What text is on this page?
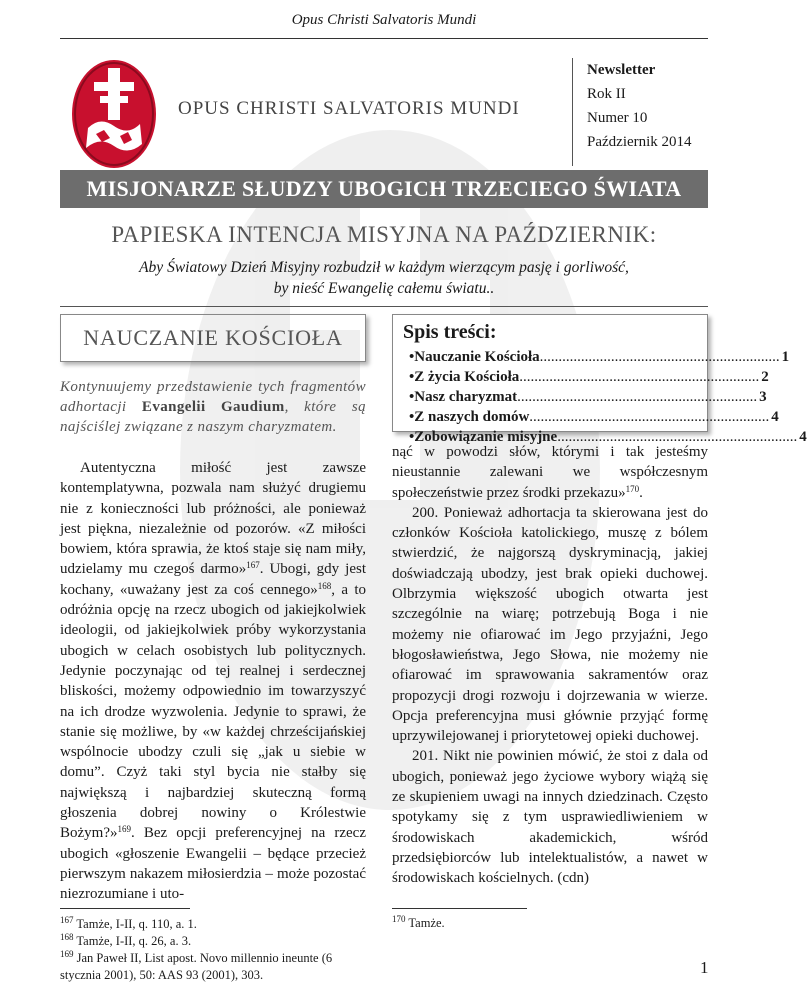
Opus Christi Salvatoris Mundi
OPUS CHRISTI SALVATORIS MUNDI
Newsletter
Rok II
Numer 10
Październik 2014
MISJONARZE SŁUDZY UBOGICH TRZECIEGO ŚWIATA
PAPIESKA INTENCJA MISYJNA NA PAŹDZIERNIK:
Aby Światowy Dzień Misyjny rozbudził w każdym wierzącym pasję i gorliwość,
by nieść Ewangelię całemu światu..
NAUCZANIE KOŚCIOŁA
Kontynuujemy przedstawienie tych fragmentów adhortacji Evangelii Gaudium, które są najściślej związane z naszym charyzmatem.

Autentyczna miłość jest zawsze kontemplatywna, pozwala nam służyć drugiemu nie z konieczności lub próżności, ale ponieważ jest piękna, niezależnie od pozorów. «Z miłości bowiem, która sprawia, że ktoś staje się nam miły, udzielamy mu czegoś darmo»$^{167}$. Ubogi, gdy jest kochany, «uważany jest za coś cennego»$^{168}$, a to odróżnia opcję na rzecz ubogich od jakiejkolwiek ideologii, od jakiejkolwiek próby wykorzystania ubogich w celach osobistych lub politycznych. Jedynie poczynając od tej realnej i serdecznej bliskości, możemy odpowiednio im towarzyszyć na ich drodze wyzwolenia. Jedynie to sprawi, że stanie się możliwe, by «w każdej chrześcijańskiej wspólnocie ubodzy czuli się „jak u siebie w domu”. Czyż taki styl bycia nie stałby się największą i najbardziej skuteczną formą głoszenia dobrej nowiny o Królestwie Bożym?»$^{169}$. Bez opcji preferencyjnej na rzecz ubogich «głoszenie Ewangelii – będące przecież pierwszym nakazem miłosierdzia – może pozostać niezrozumiane i uto-

nąć w powodzi słów, którymi i tak jesteśmy nieustannie zalewani we współczesnym społeczeństwie przez środki przekazu»$^{170}$.

200. Ponieważ adhortacja ta skierowana jest do członków Kościoła katolickiego, muszę z bólem stwierdzić, że najgorszą dyskryminacją, jakiej doświadczają ubodzy, jest brak opieki duchowej. Olbrzymia większość ubogich otwarta jest szczególnie na wiarę; potrzebują Boga i nie możemy nie ofiarować im Jego przyjaźni, Jego błogosławieństwa, Jego Słowa, nie możemy nie ofiarować im sprawowania sakramentów oraz propozycji drogi rozwoju i dojrzewania w wierze. Opcja preferencyjna musi głównie przyjąć formę uprzywilejowanej i priorytetowej opieki duchowej.

201. Nikt nie powinien mówić, że stoi z dala od ubogich, ponieważ jego życiowe wybory wiążą się ze skupieniem uwagi na innych dziedzinach. Często spotykamy się z tym usprawiedliwieniem w środowiskach akademickich, wśród przedsiębiorców lub intelektualistów, a nawet w środowiskach kościelnych. (cdn)

$^{167}$ Tamże, I-II, q. 110, a. 1.
$^{168}$ Tamże, I-II, q. 26, a. 3.
$^{169}$ Jan Paweł II, List apost. Novo millennio ineunte (6 stycznia 2001), 50: AAS 93 (2001), 303.
$^{170}$ Tamże.
Spis treści:
• Nauczanie Kościoła ................................................................ 1
• Z życia Kościoła ................................................................ 2
• Nasz charyzmat ................................................................ 3
• Z naszych domów ................................................................ 4
• Zobowiązanie misyjne ................................................................ 4
1
